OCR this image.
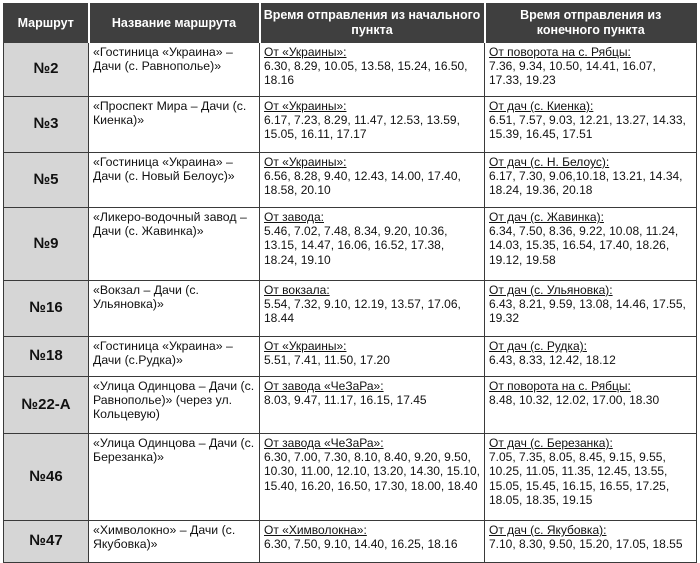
Маршрут	Название маршрута	Время отправления из начального пункта	Время отправления из конечного пункта
№2	«Гостиница «Украина» – Дачи (с. Равнополье)»	От «Украины»:
6.30, 8.29, 10.05, 13.58, 15.24, 16.50, 18.16	От поворота на с. Рябцы:
7.36, 9.34, 10.50, 14.41, 16.07, 17.33, 19.23

№3	«Проспект Мира – Дачи (с. Киенка)»	От «Украины»:
6.17, 7.23, 8.29, 11.47, 12.53, 13.59, 15.05, 16.11, 17.17	От дач (с. Киенка):
6.51, 7.57, 9.03, 12.21, 13.27, 14.33, 15.39, 16.45, 17.51

№5	«Гостиница «Украина» – Дачи (с. Новый Белоус)»	От «Украины»:
6.56, 8.28, 9.40, 12.43, 14.00, 17.40, 18.58, 20.10	От дач (с. Н. Белоус):
6.17, 7.30, 9.06,10.18, 13.21, 14.34, 18.24, 19.36, 20.18

№9	«Ликеро-водочный завод – Дачи (с. Жавинка)»	От завода:
5.46, 7.02, 7.48, 8.34, 9.20, 10.36, 13.15, 14.47, 16.06, 16.52, 17.38, 18.24, 19.10	От дач (с. Жавинка):
6.34, 7.50, 8.36, 9.22, 10.08, 11.24, 14.03, 15.35, 16.54, 17.40, 18.26, 19.12, 19.58

№16	«Вокзал – Дачи (с. Ульяновка)»	От вокзала:
5.54, 7.32, 9.10, 12.19, 13.57, 17.06, 18.44	От дач (с. Ульяновка):
6.43, 8.21, 9.59, 13.08, 14.46, 17.55, 19.32

№18	«Гостиница «Украина» – Дачи (с.Рудка)»	От «Украины»:
5.51, 7.41, 11.50, 17.20	От дач (с. Рудка):
6.43, 8.33, 12.42, 18.12

№22-А	«Улица Одинцова – Дачи (с. Равнополье)» (через ул. Кольцевую)	От завода «ЧеЗаРа»:
8.03, 9.47, 11.17, 16.15, 17.45	От поворота на с. Рябцы:
8.48, 10.32, 12.02, 17.00, 18.30

№46	«Улица Одинцова – Дачи (с. Березанка)»	От завода «ЧеЗаРа»:
6.30, 7.00, 7.30, 8.10, 8.40, 9.20, 9.50, 10.30, 11.00, 12.10, 13.20, 14.30, 15.10, 15.40, 16.20, 16.50, 17.30, 18.00, 18.40	От дач (с. Березанка):
7.05, 7.35, 8.05, 8.45, 9.15, 9.55, 10.25, 11.05, 11.35, 12.45, 13.55, 15.05, 15.45, 16.15, 16.55, 17.25, 18.05, 18.35, 19.15

№47	«Химволокно» – Дачи (с. Якубовка)»	От «Химволокна»:
6.30, 7.50, 9.10, 14.40, 16.25, 18.16	От дач (с. Якубовка):
7.10, 8.30, 9.50, 15.20, 17.05, 18.55
